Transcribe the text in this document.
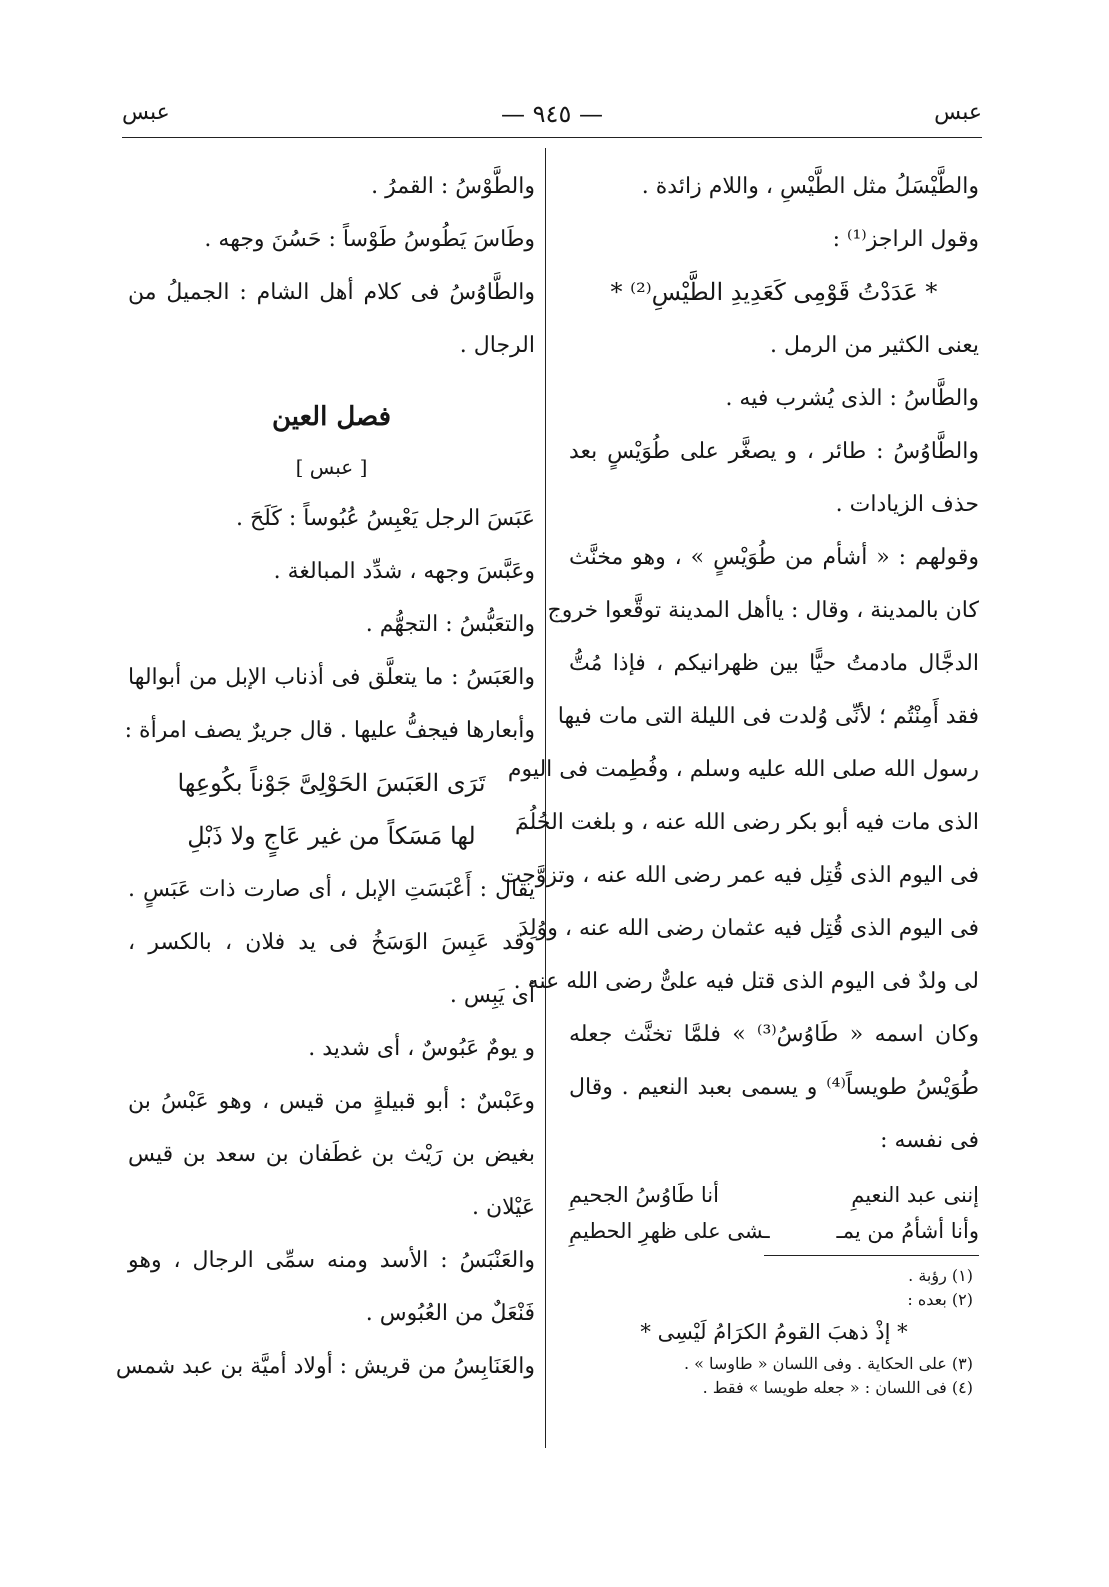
عبس
— ٩٤٥ —
عبس
والطَّيْسَلُ مثل الطَّيْسِ ، واللام زائدة .
وقول الراجز⁽¹⁾ :
* عَدَدْتُ قَوْمِى كَعَدِيدِ الطَّيْسِ⁽²⁾ *
يعنى الكثير من الرمل .
والطَّاسُ : الذى يُشرب فيه .
والطَّاوُسُ : طائر ، و يصغَّر على طُوَيْسٍ بعد
حذف الزيادات .
وقولهم : « أشأم من طُوَيْسٍ » ، وهو مخنَّث
كان بالمدينة ، وقال : ياأهل المدينة توقَّعوا خروج
الدجَّال مادمتُ حيًّا بين ظهرانيكم ، فإذا مُتُّ
فقد أَمِنْتُم ؛ لأنِّى وُلدت فى الليلة التى مات فيها
رسول الله صلى الله عليه وسلم ، وفُطِمت فى اليوم
الذى مات فيه أبو بكر رضى الله عنه ، و بلغت الحُلُمَ
فى اليوم الذى قُتِل فيه عمر رضى الله عنه ، وتزوَّجت
فى اليوم الذى قُتِل فيه عثمان رضى الله عنه ، ووُلِدَ
لى ولدٌ فى اليوم الذى قتل فيه علىٌّ رضى الله عنه .
وكان اسمه « طَاوُسُ⁽³⁾ » فلمَّا تخنَّث جعله
طُوَيْسُ طويساً⁽⁴⁾ و يسمى بعبد النعيم . وقال
فى نفسه :
إننى عبد النعيمِ
أنا طَاوُسُ الجحيمِ
وأنا أشأمُ من يمـ
ـشى على ظهرِ الحطيمِ
(١) رؤبة .
(٢) بعده :
* إذْ ذهبَ القومُ الكرَامُ لَيْسِى *
(٣) على الحكاية . وفى اللسان « طاوسا » .
(٤) فى اللسان : « جعله طويسا » فقط .
والطَّوْسُ : القمرُ .
وطَاسَ يَطُوسُ طَوْساً : حَسُنَ وجهه .
والطَّاوُسُ فى كلام أهل الشام : الجميلُ من
الرجال .
فصل العين
[ عبس ]
عَبَسَ الرجل يَعْبِسُ عُبُوساً : كَلَحَ .
وعَبَّسَ وجهه ، شدِّد المبالغة .
والتعَبُّسُ : التجهُّم .
والعَبَسُ : ما يتعلَّق فى أذناب الإبل من أبوالها
وأبعارها فيجفُّ عليها . قال جريرٌ يصف امرأة :
تَرَى العَبَسَ الحَوْلِىَّ جَوْناً بكُوعِها
لها مَسَكاً من غير عَاجٍ ولا ذَبْلِ
يقال : أَعْبَسَتِ الإبل ، أى صارت ذات عَبَسٍ .
وقد عَبِسَ الوَسَخُ فى يد فلان ، بالكسر ،
أى يَبِس .
و يومٌ عَبُوسٌ ، أى شديد .
وعَبْسٌ : أبو قبيلةٍ من قيس ، وهو عَبْسُ بن
بغيض بن رَيْث بن غطَفان بن سعد بن قيس
عَيْلان .
والعَنْبَسُ : الأسد ومنه سمِّى الرجال ، وهو
فَنْعَلٌ من العُبُوس .
والعَنَابِسُ من قريش : أولاد أميَّة بن عبد شمس
